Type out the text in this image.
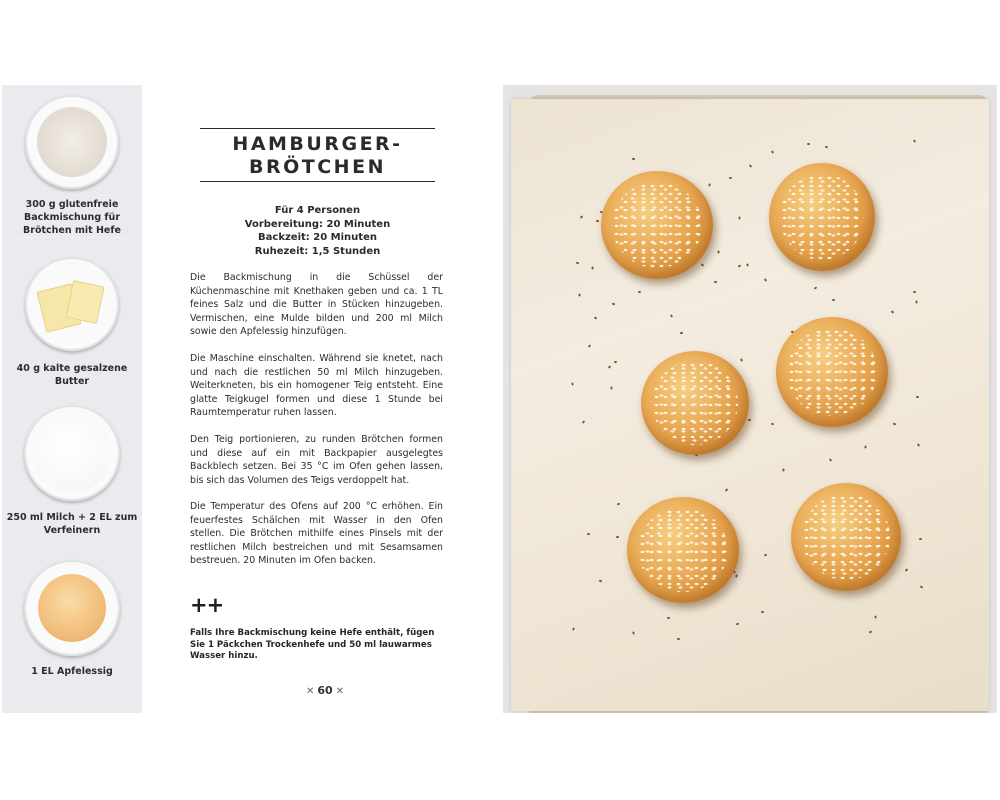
300 g glutenfreie
Backmischung für
Brötchen mit Hefe
40 g kalte gesalzene
Butter
250 ml Milch + 2 EL zum
Verfeinern
1 EL Apfelessig
HAMBURGER-
BRÖTCHEN
Für 4 Personen
Vorbereitung: 20 Minuten
Backzeit: 20 Minuten
Ruhezeit: 1,5 Stunden
Die Backmischung in die Schüssel der Küchenmaschine mit Knethaken geben und ca. 1 TL feines Salz und die Butter in Stücken hinzugeben. Vermischen, eine Mulde bilden und 200 ml Milch sowie den Apfelessig hinzufügen.
Die Maschine einschalten. Während sie knetet, nach und nach die restlichen 50 ml Milch hinzugeben. Weiterkneten, bis ein homogener Teig entsteht. Eine glatte Teigkugel formen und diese 1 Stunde bei Raumtemperatur ruhen lassen.
Den Teig portionieren, zu runden Brötchen formen und diese auf ein mit Backpapier ausgelegtes Backblech setzen. Bei 35 °C im Ofen gehen lassen, bis sich das Volumen des Teigs verdoppelt hat.
Die Temperatur des Ofens auf 200 °C erhöhen. Ein feuerfestes Schälchen mit Wasser in den Ofen stellen. Die Brötchen mithilfe eines Pinsels mit der restlichen Milch bestreichen und mit Sesamsamen bestreuen. 20 Minuten im Ofen backen.
++
Falls Ihre Backmischung keine Hefe enthält, fügen Sie 1 Päckchen Trockenhefe und 50 ml lauwarmes Wasser hinzu.
✕ 60 ✕
